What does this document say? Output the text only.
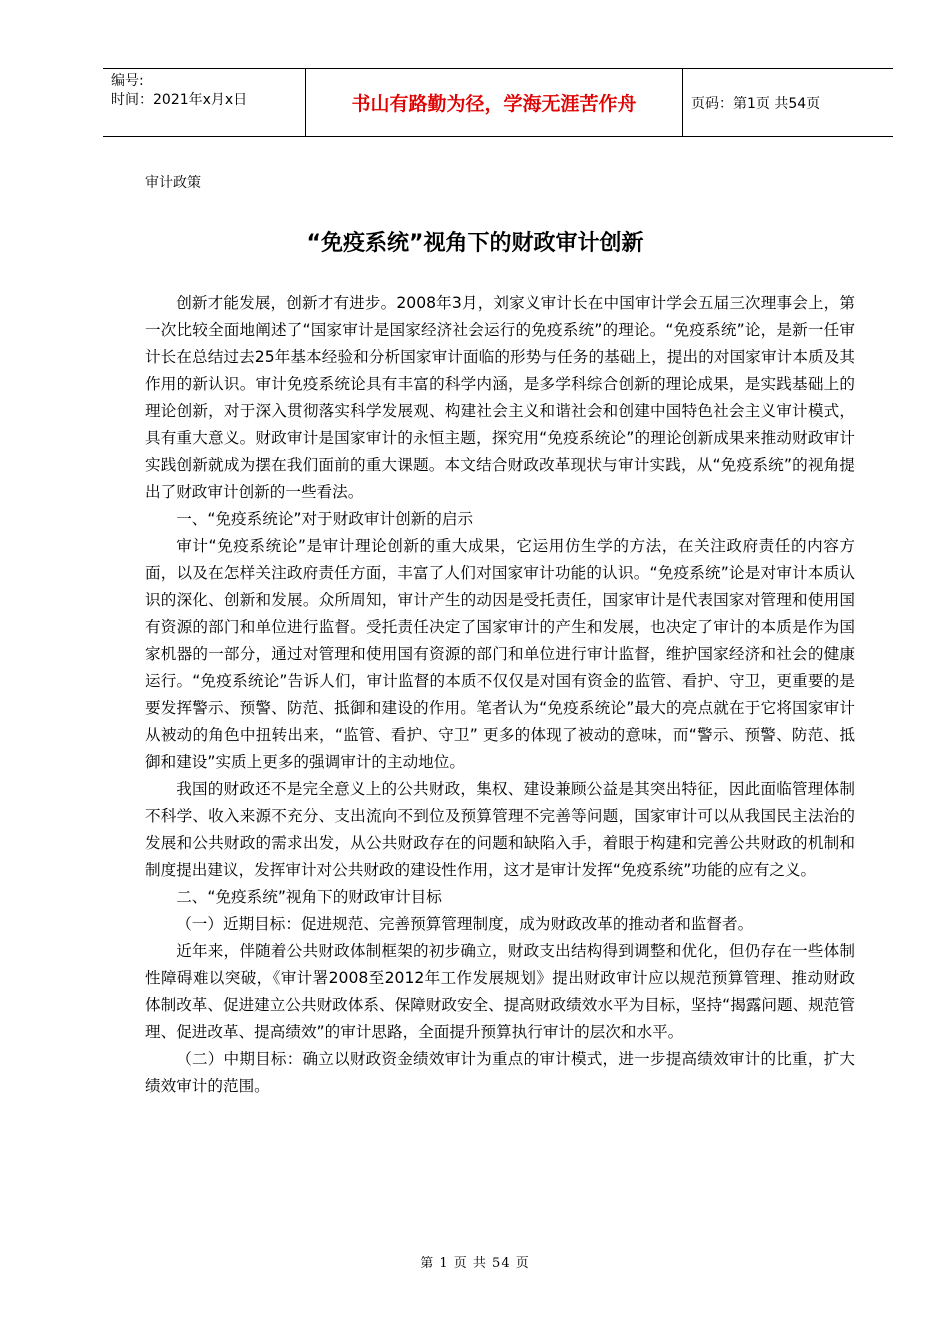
编号:
时间：2021年x月x日	书山有路勤为径，学海无涯苦作舟	页码：第1页 共54页
审计政策
“免疫系统”视角下的财政审计创新

创新才能发展，创新才有进步。2008年3月，刘家义审计长在中国审计学会五届三次理事会上，第一次比较全面地阐述了“国家审计是国家经济社会运行的免疫系统”的理论。“免疫系统”论，是新一任审计长在总结过去25年基本经验和分析国家审计面临的形势与任务的基础上，提出的对国家审计本质及其作用的新认识。审计免疫系统论具有丰富的科学内涵，是多学科综合创新的理论成果，是实践基础上的理论创新，对于深入贯彻落实科学发展观、构建社会主义和谐社会和创建中国特色社会主义审计模式，具有重大意义。财政审计是国家审计的永恒主题，探究用“免疫系统论”的理论创新成果来推动财政审计实践创新就成为摆在我们面前的重大课题。本文结合财政改革现状与审计实践，从“免疫系统”的视角提出了财政审计创新的一些看法。

一、“免疫系统论”对于财政审计创新的启示

审计“免疫系统论”是审计理论创新的重大成果，它运用仿生学的方法，在关注政府责任的内容方面，以及在怎样关注政府责任方面，丰富了人们对国家审计功能的认识。“免疫系统”论是对审计本质认识的深化、创新和发展。众所周知，审计产生的动因是受托责任，国家审计是代表国家对管理和使用国有资源的部门和单位进行监督。受托责任决定了国家审计的产生和发展，也决定了审计的本质是作为国家机器的一部分，通过对管理和使用国有资源的部门和单位进行审计监督，维护国家经济和社会的健康运行。“免疫系统论”告诉人们，审计监督的本质不仅仅是对国有资金的监管、看护、守卫，更重要的是要发挥警示、预警、防范、抵御和建设的作用。笔者认为“免疫系统论”最大的亮点就在于它将国家审计从被动的角色中扭转出来，“监管、看护、守卫” 更多的体现了被动的意味，而“警示、预警、防范、抵御和建设”实质上更多的强调审计的主动地位。

我国的财政还不是完全意义上的公共财政，集权、建设兼顾公益是其突出特征，因此面临管理体制不科学、收入来源不充分、支出流向不到位及预算管理不完善等问题，国家审计可以从我国民主法治的发展和公共财政的需求出发，从公共财政存在的问题和缺陷入手，着眼于构建和完善公共财政的机制和制度提出建议，发挥审计对公共财政的建设性作用，这才是审计发挥“免疫系统”功能的应有之义。

二、“免疫系统”视角下的财政审计目标

（一）近期目标：促进规范、完善预算管理制度，成为财政改革的推动者和监督者。

近年来，伴随着公共财政体制框架的初步确立，财政支出结构得到调整和优化，但仍存在一些体制性障碍难以突破，《审计署2008至2012年工作发展规划》提出财政审计应以规范预算管理、推动财政体制改革、促进建立公共财政体系、保障财政安全、提高财政绩效水平为目标，坚持“揭露问题、规范管理、促进改革、提高绩效”的审计思路，全面提升预算执行审计的层次和水平。

（二）中期目标：确立以财政资金绩效审计为重点的审计模式，进一步提高绩效审计的比重，扩大绩效审计的范围。

第 1 页 共 54 页
